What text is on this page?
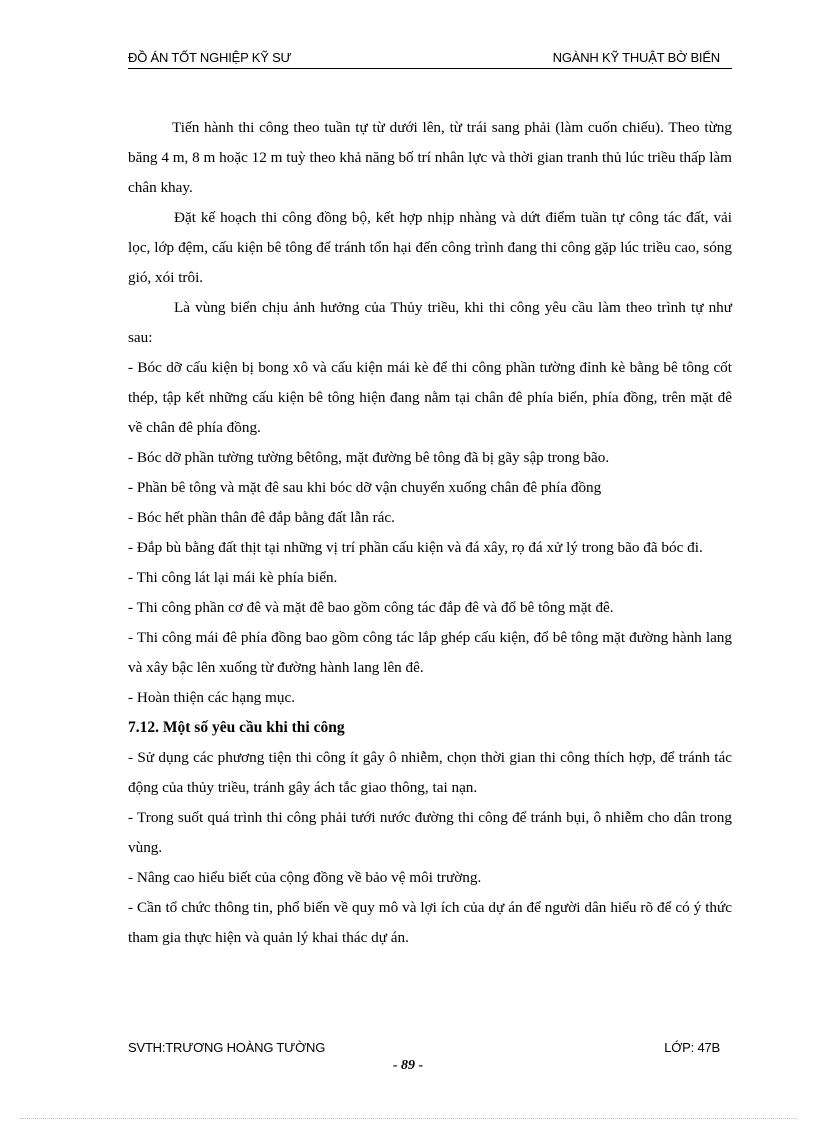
ĐỒ ÁN TỐT NGHIỆP KỸ SƯ	NGÀNH KỸ THUẬT BỜ BIỂN

Tiến hành thi công theo tuần tự từ dưới lên, từ trái sang phải (làm cuốn chiếu). Theo từng băng 4 m, 8 m hoặc 12 m tuỳ theo khả năng bố trí nhân lực và thời gian tranh thủ lúc triều thấp làm chân khay.

Đặt kế hoạch thi công đồng bộ, kết hợp nhịp nhàng và dứt điểm tuần tự công tác đất, vải lọc, lớp đệm, cấu kiện bê tông để tránh tổn hại đến công trình đang thi công gặp lúc triều cao, sóng gió, xói trôi.

Là vùng biển chịu ảnh hưởng của Thủy triều, khi thi công yêu cầu làm theo trình tự như sau:

- Bóc dỡ cấu kiện bị bong xô và cấu kiện mái kè để thi công phần tường đỉnh kè bằng bê tông cốt thép, tập kết những cấu kiện bê tông hiện đang nằm tại chân đê phía biển, phía đồng, trên mặt đê về chân đê phía đồng.

- Bóc dỡ phần tường tường bêtông, mặt đường bê tông đã bị gãy sập trong bão.

- Phần bê tông và mặt đê sau khi bóc dỡ vận chuyển xuống chân đê phía đồng

- Bóc hết phần thân đê đắp bằng đất lẫn rác.

- Đắp bù bằng đất thịt tại những vị trí phần cấu kiện và đá xây, rọ đá xử lý trong bão đã bóc đi.

- Thi công lát lại mái kè phía biển.

- Thi công phần cơ đê và mặt đê bao gồm công tác đắp đê và đổ bê tông mặt đê.

- Thi công mái đê phía đồng bao gồm công tác lắp ghép cấu kiện, đổ bê tông mặt đường hành lang và xây bậc lên xuống từ đường hành lang lên đê.

- Hoàn thiện các hạng mục.

7.12. Một số yêu cầu khi thi công

- Sử dụng các phương tiện thi công ít gây ô nhiễm, chọn thời gian thi công thích hợp, để tránh tác động của thủy triều, tránh gây ách tắc giao thông, tai nạn.

- Trong suốt quá trình thi công phải tưới nước đường thi công để tránh bụi, ô nhiễm cho dân trong vùng.

- Nâng cao hiểu biết của cộng đồng về bảo vệ môi trường.

- Cần tổ chức thông tin, phổ biến về quy mô và lợi ích của dự án để người dân hiểu rõ để có ý thức tham gia thực hiện và quản lý khai thác dự án.

SVTH:TRƯƠNG HOÀNG TƯỜNG	LỚP: 47B
- 89 -
